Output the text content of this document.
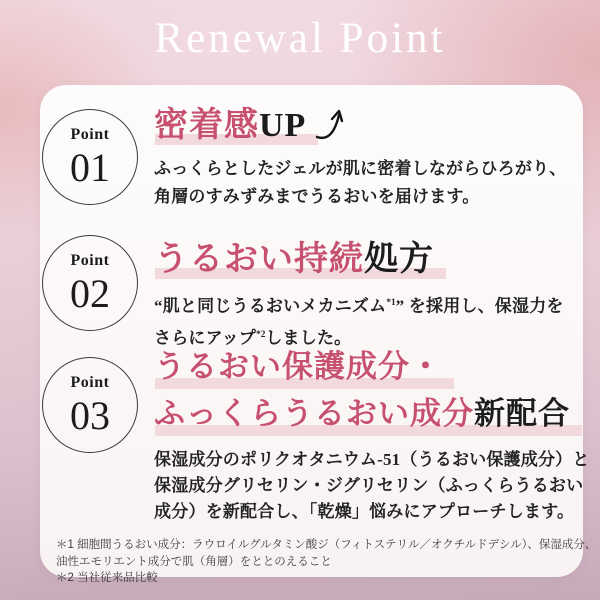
Renewal Point
Point
01
密着感UP
ふっくらとしたジェルが肌に密着しながらひろがり、
角層のすみずみまでうるおいを届けます。
Point
02
うるおい持続処方
“肌と同じうるおいメカニズム$^{*1}$” を採用し、保湿力を
さらにアップ$^{*2}$しました。
Point
03
うるおい保護成分・
ふっくらうるおい成分新配合
保湿成分のポリクオタニウム-51（うるおい保護成分）と
保湿成分グリセリン・ジグリセリン（ふっくらうるおい
成分）を新配合し、「乾燥」悩みにアプローチします。
＊1 細胞間うるおい成分：ラウロイルグルタミン酸ジ（フィトステリル／オクチルドデシル）、保湿成分、
油性エモリエント成分で肌（角層）をととのえること
＊2 当社従来品比較
